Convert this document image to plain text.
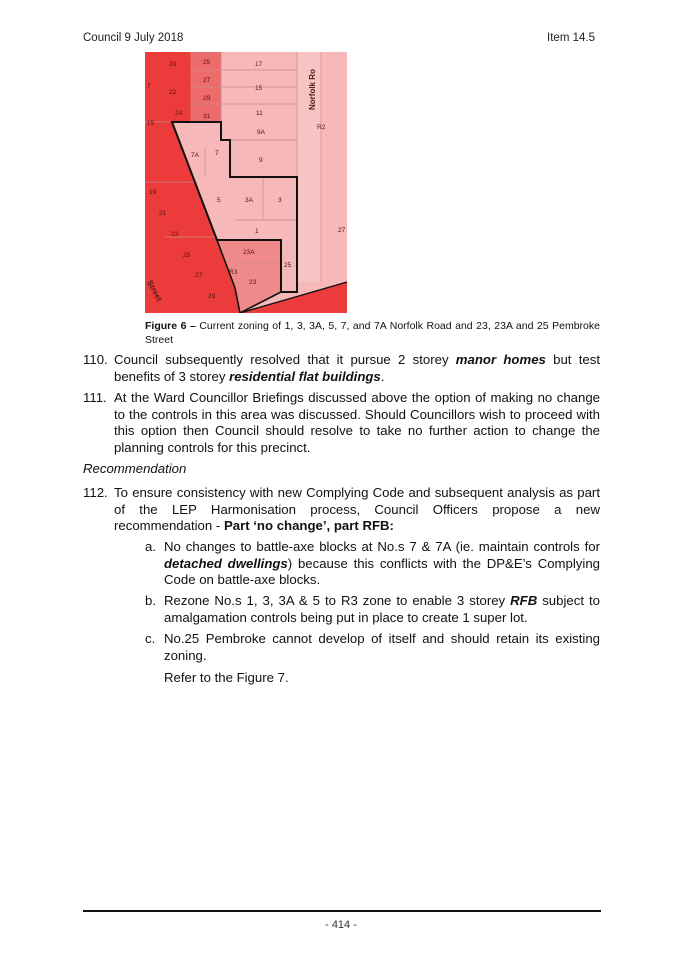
Council 9 July 2018	Item 14.5
20
22
24
15
7
19
21
23
25
27
29
25
27
29
31
17
15
11
9A
9
7A 7
5	3A	3
1
23A
R3
23
25
27
R2
Norfolk Ro
Street
Figure 6 – Current zoning of 1, 3, 3A, 5, 7, and 7A Norfolk Road and 23, 23A and 25 Pembroke Street
110. Council subsequently resolved that it pursue 2 storey manor homes but test benefits of 3 storey residential flat buildings.
111. At the Ward Councillor Briefings discussed above the option of making no change to the controls in this area was discussed. Should Councillors wish to proceed with this option then Council should resolve to take no further action to change the planning controls for this precinct.
Recommendation
112. To ensure consistency with new Complying Code and subsequent analysis as part of the LEP Harmonisation process, Council Officers propose a new recommendation - Part ‘no change’, part RFB:
a. No changes to battle-axe blocks at No.s 7 & 7A (ie. maintain controls for detached dwellings) because this conflicts with the DP&E’s Complying Code on battle-axe blocks.
b. Rezone No.s 1, 3, 3A & 5 to R3 zone to enable 3 storey RFB subject to amalgamation controls being put in place to create 1 super lot.
c. No.25 Pembroke cannot develop of itself and should retain its existing zoning.
Refer to the Figure 7.
- 414 -
